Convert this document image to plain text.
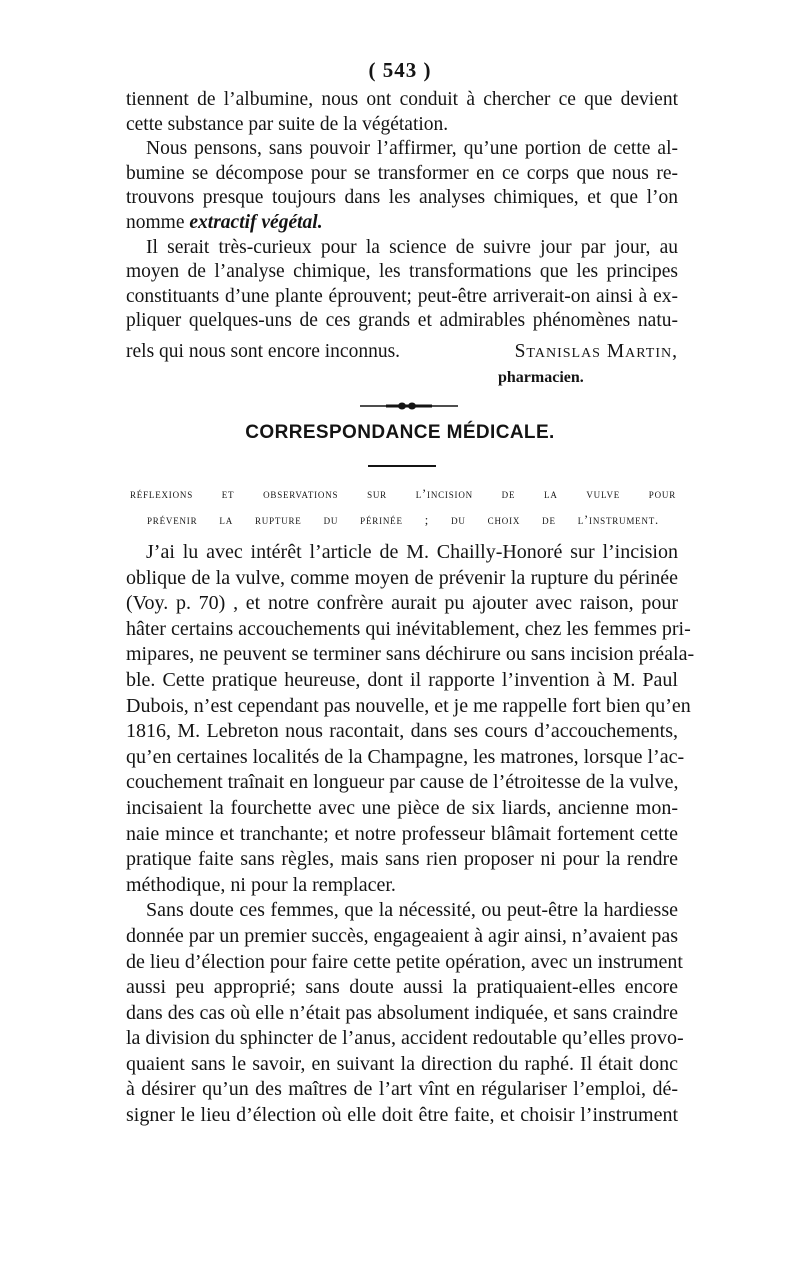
( 543 )
tiennent de l’albumine, nous ont conduit à chercher ce que devient
cette substance par suite de la végétation.
Nous pensons, sans pouvoir l’affirmer, qu’une portion de cette al-
bumine se décompose pour se transformer en ce corps que nous re-
trouvons presque toujours dans les analyses chimiques, et que l’on
nomme extractif végétal.
Il serait très-curieux pour la science de suivre jour par jour, au
moyen de l’analyse chimique, les transformations que les principes
constituants d’une plante éprouvent; peut-être arriverait-on ainsi à ex-
pliquer quelques-uns de ces grands et admirables phénomènes natu-
rels qui nous sont encore inconnus.	Stanislas Martin,
pharmacien.
CORRESPONDANCE MÉDICALE.
réflexions et observations sur l’incision de la vulve pour
prévenir la rupture du périnée ; du choix de l’instrument.
J’ai lu avec intérêt l’article de M. Chailly-Honoré sur l’incision
oblique de la vulve, comme moyen de prévenir la rupture du périnée
(Voy. p. 70) , et notre confrère aurait pu ajouter avec raison, pour
hâter certains accouchements qui inévitablement, chez les femmes pri-
mipares, ne peuvent se terminer sans déchirure ou sans incision préala-
ble. Cette pratique heureuse, dont il rapporte l’invention à M. Paul
Dubois, n’est cependant pas nouvelle, et je me rappelle fort bien qu’en
1816, M. Lebreton nous racontait, dans ses cours d’accouchements,
qu’en certaines localités de la Champagne, les matrones, lorsque l’ac-
couchement traînait en longueur par cause de l’étroitesse de la vulve,
incisaient la fourchette avec une pièce de six liards, ancienne mon-
naie mince et tranchante; et notre professeur blâmait fortement cette
pratique faite sans règles, mais sans rien proposer ni pour la rendre
méthodique, ni pour la remplacer.
Sans doute ces femmes, que la nécessité, ou peut-être la hardiesse
donnée par un premier succès, engageaient à agir ainsi, n’avaient pas
de lieu d’élection pour faire cette petite opération, avec un instrument
aussi peu approprié; sans doute aussi la pratiquaient-elles encore
dans des cas où elle n’était pas absolument indiquée, et sans craindre
la division du sphincter de l’anus, accident redoutable qu’elles provo-
quaient sans le savoir, en suivant la direction du raphé. Il était donc
à désirer qu’un des maîtres de l’art vînt en régulariser l’emploi, dé-
signer le lieu d’élection où elle doit être faite, et choisir l’instrument
